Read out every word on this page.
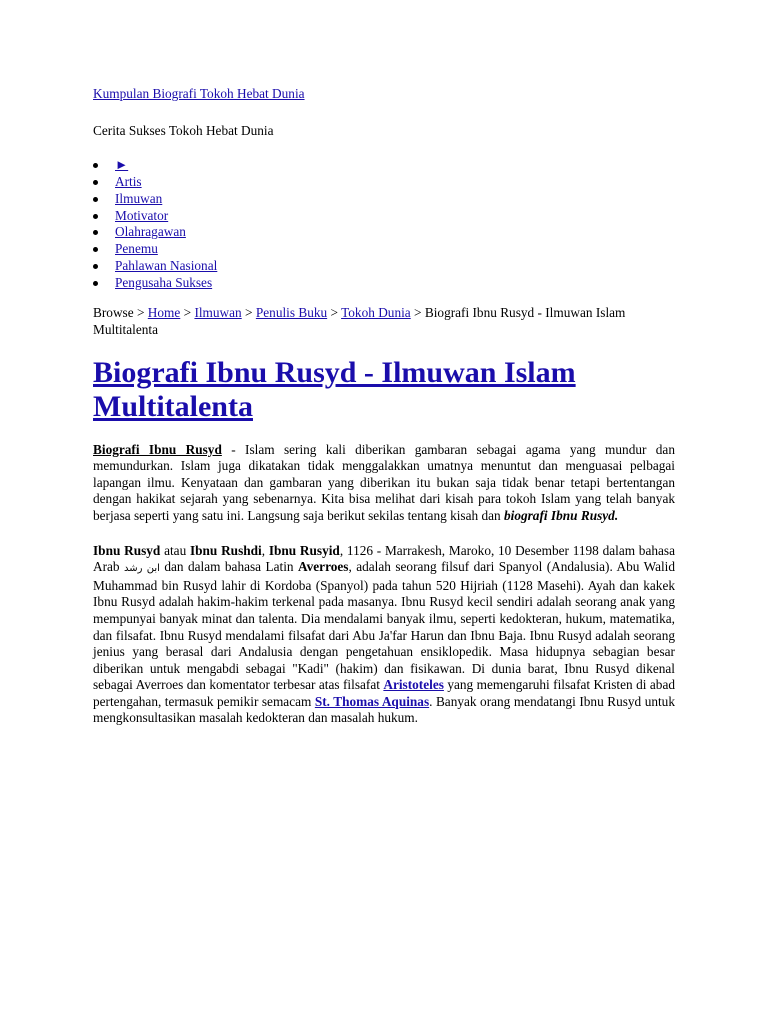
Kumpulan Biografi Tokoh Hebat Dunia
Cerita Sukses Tokoh Hebat Dunia
►
Artis
Ilmuwan
Motivator
Olahragawan
Penemu
Pahlawan Nasional
Pengusaha Sukses
Browse > Home > Ilmuwan > Penulis Buku > Tokoh Dunia > Biografi Ibnu Rusyd - Ilmuwan Islam Multitalenta
Biografi Ibnu Rusyd - Ilmuwan Islam Multitalenta

Biografi Ibnu Rusyd - Islam sering kali diberikan gambaran sebagai agama yang mundur dan memundurkan. Islam juga dikatakan tidak menggalakkan umatnya menuntut dan menguasai pelbagai lapangan ilmu. Kenyataan dan gambaran yang diberikan itu bukan saja tidak benar tetapi bertentangan dengan hakikat sejarah yang sebenarnya. Kita bisa melihat dari kisah para tokoh Islam yang telah banyak berjasa seperti yang satu ini. Langsung saja berikut sekilas tentang kisah dan biografi Ibnu Rusyd.

Ibnu Rusyd atau Ibnu Rushdi, Ibnu Rusyid, 1126 - Marrakesh, Maroko, 10 Desember 1198 dalam bahasa Arab ابن رشد dan dalam bahasa Latin Averroes, adalah seorang filsuf dari Spanyol (Andalusia). Abu Walid Muhammad bin Rusyd lahir di Kordoba (Spanyol) pada tahun 520 Hijriah (1128 Masehi). Ayah dan kakek Ibnu Rusyd adalah hakim-hakim terkenal pada masanya. Ibnu Rusyd kecil sendiri adalah seorang anak yang mempunyai banyak minat dan talenta. Dia mendalami banyak ilmu, seperti kedokteran, hukum, matematika, dan filsafat. Ibnu Rusyd mendalami filsafat dari Abu Ja'far Harun dan Ibnu Baja. Ibnu Rusyd adalah seorang jenius yang berasal dari Andalusia dengan pengetahuan ensiklopedik. Masa hidupnya sebagian besar diberikan untuk mengabdi sebagai "Kadi" (hakim) dan fisikawan. Di dunia barat, Ibnu Rusyd dikenal sebagai Averroes dan komentator terbesar atas filsafat Aristoteles yang memengaruhi filsafat Kristen di abad pertengahan, termasuk pemikir semacam St. Thomas Aquinas. Banyak orang mendatangi Ibnu Rusyd untuk mengkonsultasikan masalah kedokteran dan masalah hukum.
